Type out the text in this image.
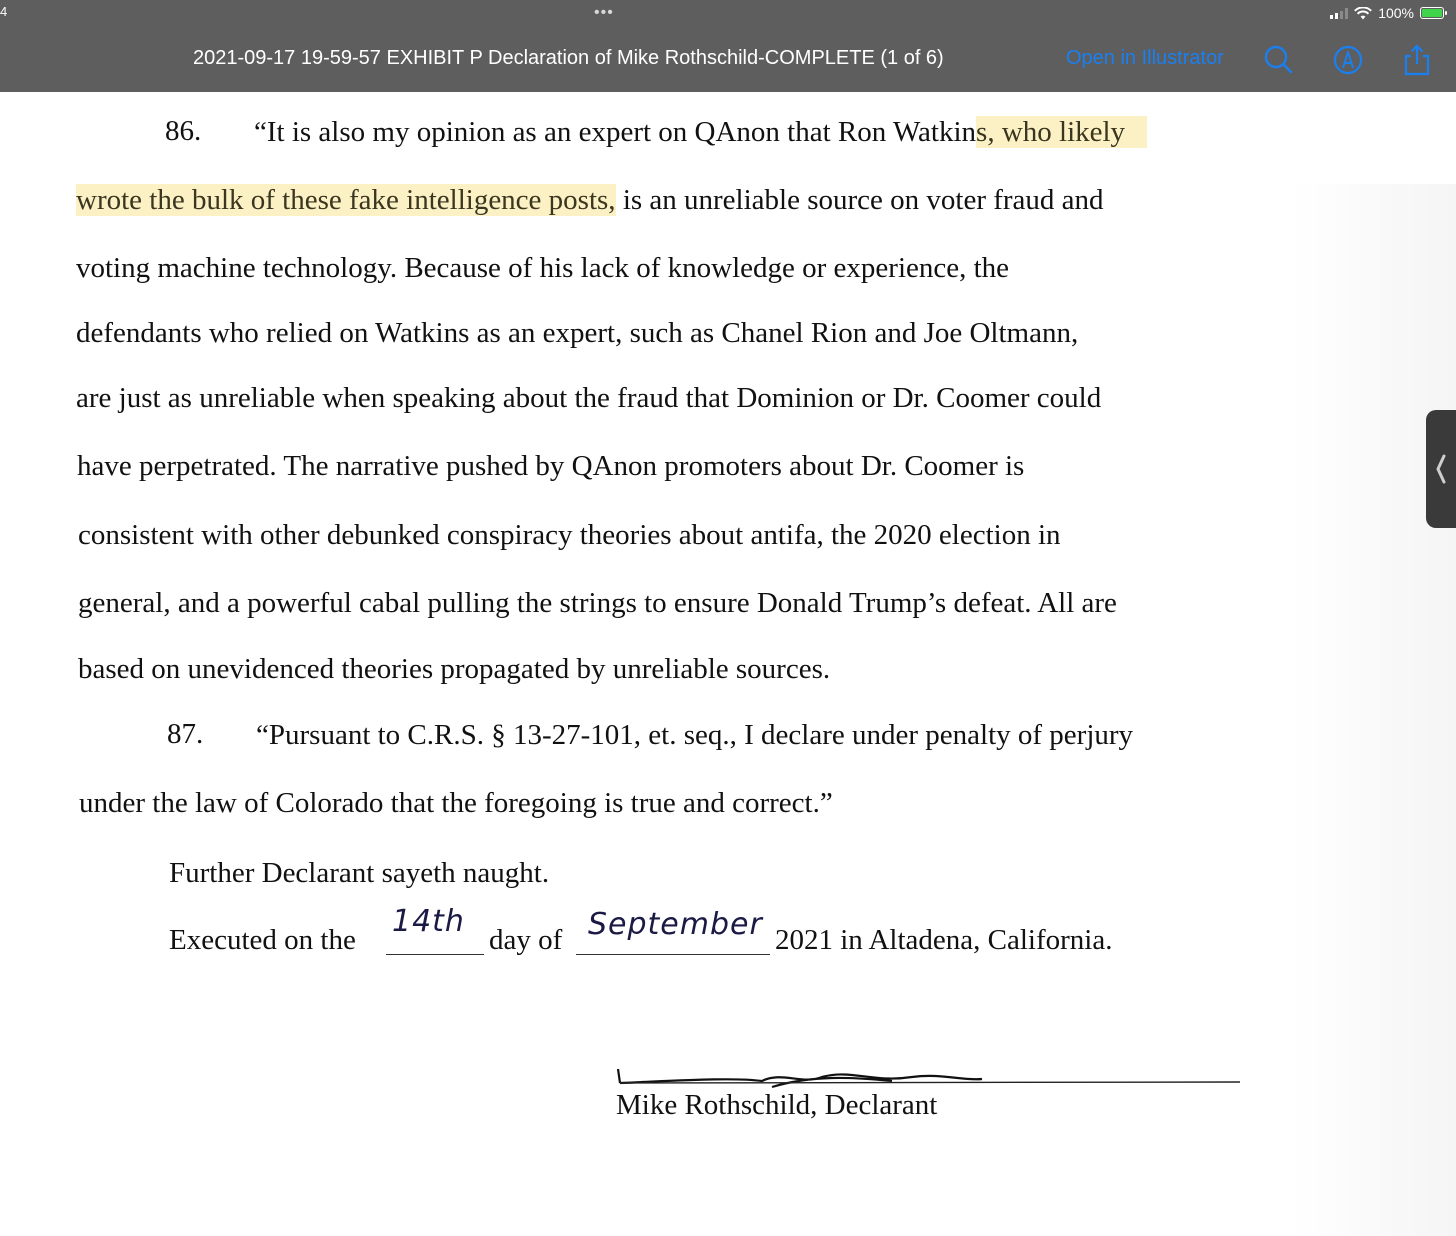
4	•••	100%
2021-09-17 19-59-57 EXHIBIT P Declaration of Mike Rothschild-COMPLETE (1 of 6)	Open in Illustrator
86. “It is also my opinion as an expert on QAnon that Ron Watkins, who likely
wrote the bulk of these fake intelligence posts, is an unreliable source on voter fraud and
voting machine technology. Because of his lack of knowledge or experience, the
defendants who relied on Watkins as an expert, such as Chanel Rion and Joe Oltmann,
are just as unreliable when speaking about the fraud that Dominion or Dr. Coomer could
have perpetrated. The narrative pushed by QAnon promoters about Dr. Coomer is
consistent with other debunked conspiracy theories about antifa, the 2020 election in
general, and a powerful cabal pulling the strings to ensure Donald Trump’s defeat. All are
based on unevidenced theories propagated by unreliable sources.
87. “Pursuant to C.R.S. § 13-27-101, et. seq., I declare under penalty of perjury
under the law of Colorado that the foregoing is true and correct.”
Further Declarant sayeth naught.
Executed on the
14th
day of September 2021 in Altadena, California.
Mike Rothschild, Declarant
